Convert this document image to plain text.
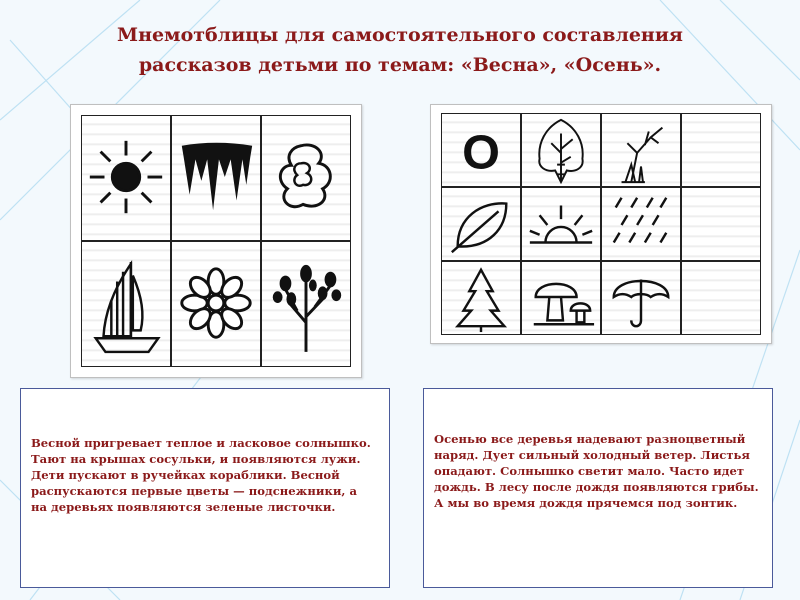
Мнемотблицы для самостоятельного составления
рассказов детьми по темам: «Весна», «Осень».
О

Весной пригревает теплое и ласковое солнышко.
Тают на крышах сосульки, и появляются лужи.
Дети пускают в ручейках кораблики. Весной
распускаются первые цветы — подснежники, а
на деревьях появляются зеленые листочки.

Осенью все деревья надевают разноцветный
наряд. Дует сильный холодный ветер. Листья
опадают. Солнышко светит мало. Часто идет
дождь. В лесу после дождя появляются грибы.
А мы во время дождя прячемся под зонтик.
